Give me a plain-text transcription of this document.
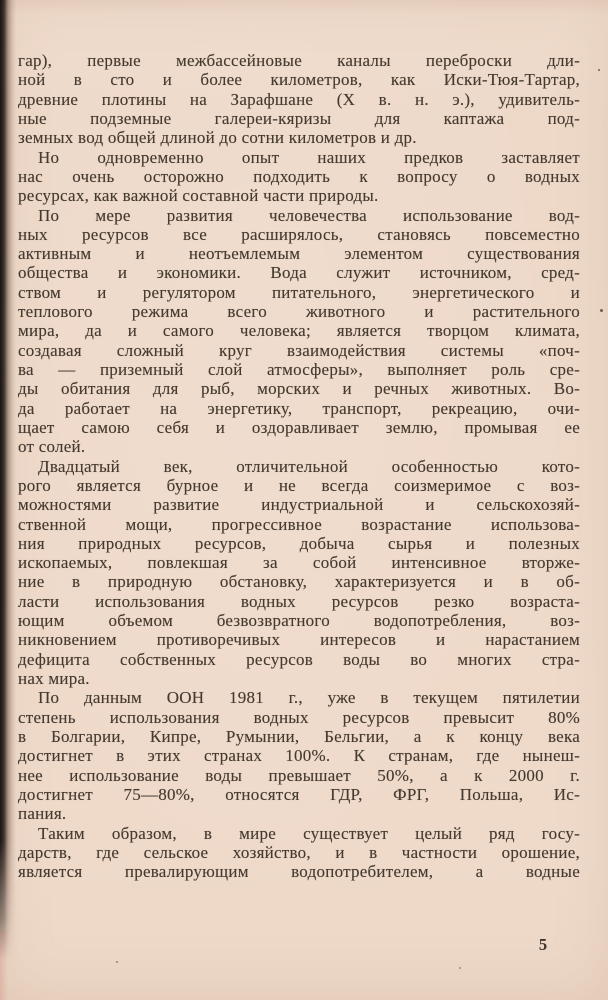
гар), первые межбассейновые каналы переброски дли-
ной в сто и более километров, как Иски-Тюя-Тартар,
древние плотины на Зарафшане (X в. н. э.), удивитель-
ные подземные галереи-кяризы для каптажа под-
земных вод общей длиной до сотни километров и др.
Но одновременно опыт наших предков заставляет
нас очень осторожно подходить к вопросу о водных
ресурсах, как важной составной части природы.
По мере развития человечества использование вод-
ных ресурсов все расширялось, становясь повсеместно
активным и неотъемлемым элементом существования
общества и экономики. Вода служит источником, сред-
ством и регулятором питательного, энергетического и
теплового режима всего животного и растительного
мира, да и самого человека; является творцом климата,
создавая сложный круг взаимодействия системы «поч-
ва — приземный слой атмосферы», выполняет роль сре-
ды обитания для рыб, морских и речных животных. Во-
да работает на энергетику, транспорт, рекреацию, очи-
щает самою себя и оздоравливает землю, промывая ее
от солей.
Двадцатый век, отличительной особенностью кото-
рого является бурное и не всегда соизмеримое с воз-
можностями развитие индустриальной и сельскохозяй-
ственной мощи, прогрессивное возрастание использова-
ния природных ресурсов, добыча сырья и полезных
ископаемых, повлекшая за собой интенсивное вторже-
ние в природную обстановку, характеризуется и в об-
ласти использования водных ресурсов резко возраста-
ющим объемом безвозвратного водопотребления, воз-
никновением противоречивых интересов и нарастанием
дефицита собственных ресурсов воды во многих стра-
нах мира.
По данным ООН 1981 г., уже в текущем пятилетии
степень использования водных ресурсов превысит 80%
в Болгарии, Кипре, Румынии, Бельгии, а к концу века
достигнет в этих странах 100%. К странам, где нынеш-
нее использование воды превышает 50%, а к 2000 г.
достигнет 75—80%, относятся ГДР, ФРГ, Польша, Ис-
пания.
Таким образом, в мире существует целый ряд госу-
дарств, где сельское хозяйство, и в частности орошение,
является превалирующим водопотребителем, а водные
5
